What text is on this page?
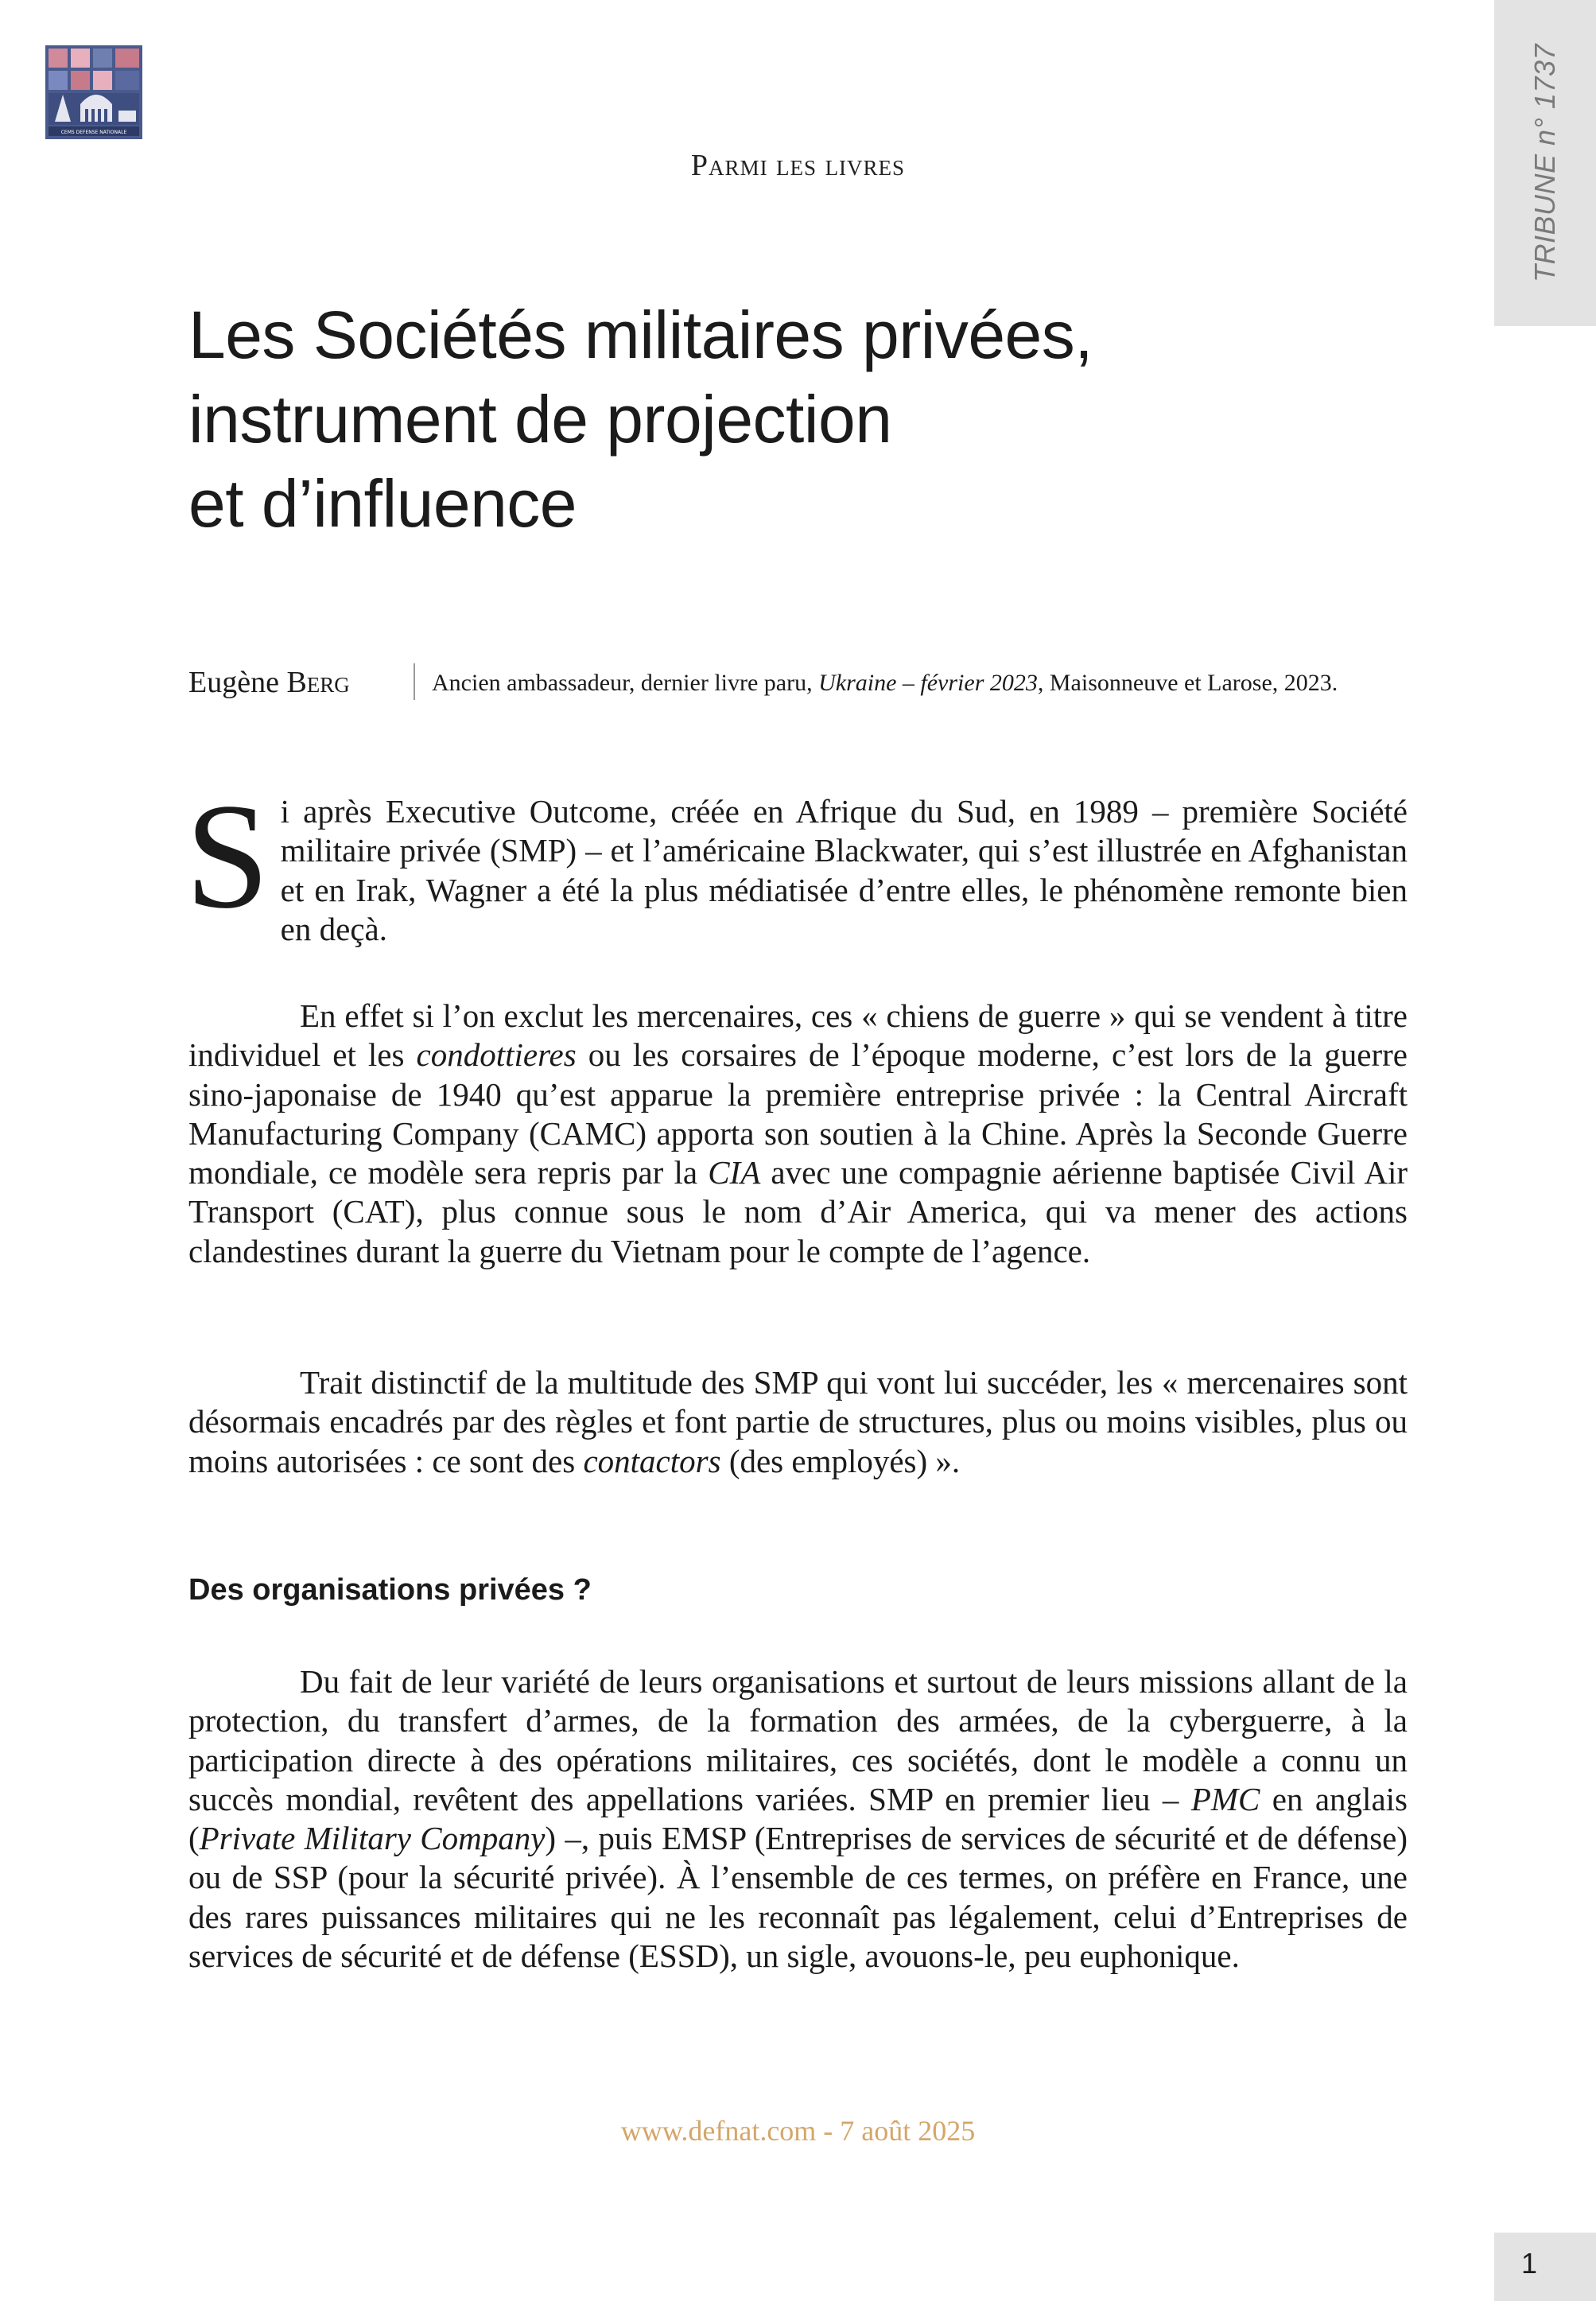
CEMS DEFENSE NATIONALE	TRIBUNE n° 1737
Parmi les livres
Les Sociétés militaires privées,
instrument de projection
et d’influence
Eugène Berg	Ancien ambassadeur, dernier livre paru, Ukraine – février 2023, Maisonneuve et Larose, 2023.

Si après Executive Outcome, créée en Afrique du Sud, en 1989 – première Société militaire privée (SMP) – et l’américaine Blackwater, qui s’est illustrée en Afghanistan et en Irak, Wagner a été la plus médiatisée d’entre elles, le phénomène remonte bien en deçà.

En effet si l’on exclut les mercenaires, ces « chiens de guerre » qui se vendent à titre individuel et les condottieres ou les corsaires de l’époque moderne, c’est lors de la guerre sino-japonaise de 1940 qu’est apparue la première entreprise privée : la Central Aircraft Manufacturing Company (CAMC) apporta son soutien à la Chine. Après la Seconde Guerre mondiale, ce modèle sera repris par la CIA avec une compagnie aérienne baptisée Civil Air Transport (CAT), plus connue sous le nom d’Air America, qui va mener des actions clandestines durant la guerre du Vietnam pour le compte de l’agence.

Trait distinctif de la multitude des SMP qui vont lui succéder, les « mercenaires sont désormais encadrés par des règles et font partie de structures, plus ou moins visibles, plus ou moins autorisées : ce sont des contactors (des employés) ».

Des organisations privées ?

Du fait de leur variété de leurs organisations et surtout de leurs missions allant de la protection, du transfert d’armes, de la formation des armées, de la cyberguerre, à la participation directe à des opérations militaires, ces sociétés, dont le modèle a connu un succès mondial, revêtent des appellations variées. SMP en premier lieu – PMC en anglais (Private Military Company) –, puis EMSP (Entreprises de services de sécurité et de défense) ou de SSP (pour la sécurité privée). À l’ensemble de ces termes, on préfère en France, une des rares puissances militaires qui ne les reconnaît pas légalement, celui d’Entreprises de services de sécurité et de défense (ESSD), un sigle, avouons-le, peu euphonique.

www.defnat.com - 7 août 2025
1
